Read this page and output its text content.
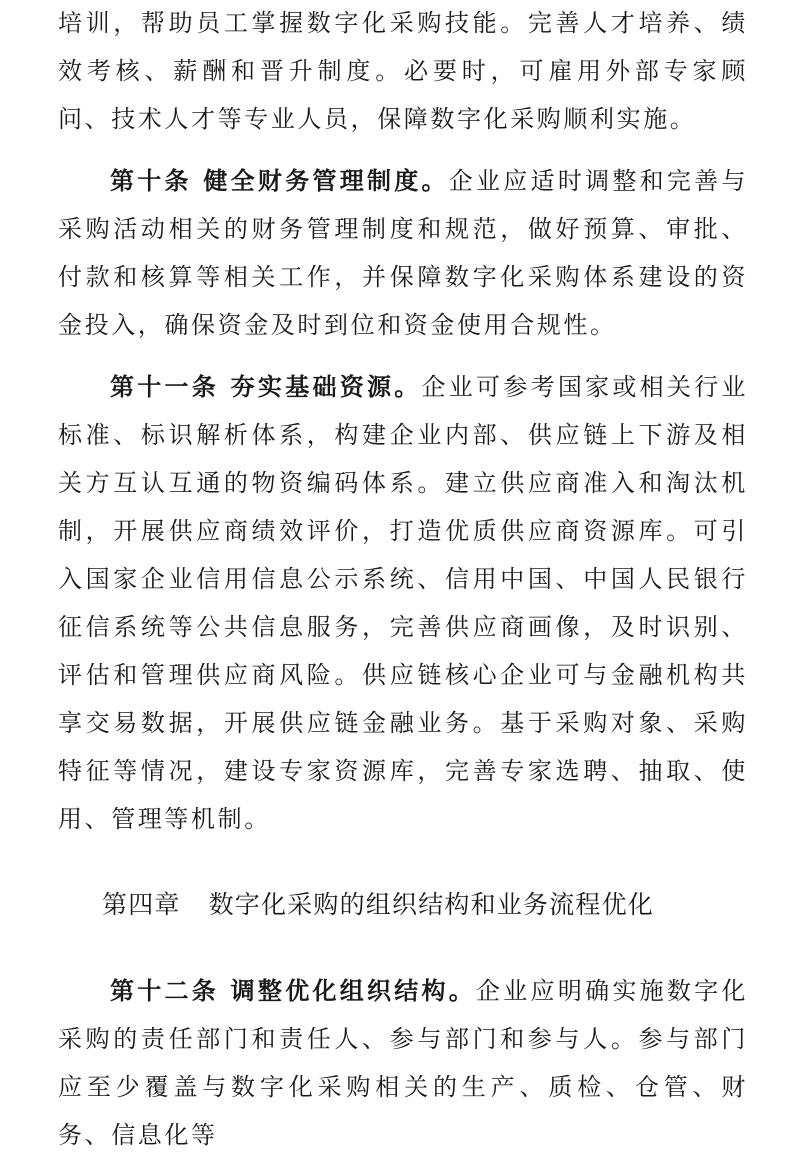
培训，帮助员工掌握数字化采购技能。完善人才培养、绩效考核、薪酬和晋升制度。必要时，可雇用外部专家顾问、技术人才等专业人员，保障数字化采购顺利实施。

第十条 健全财务管理制度。企业应适时调整和完善与采购活动相关的财务管理制度和规范，做好预算、审批、付款和核算等相关工作，并保障数字化采购体系建设的资金投入，确保资金及时到位和资金使用合规性。

第十一条 夯实基础资源。企业可参考国家或相关行业标准、标识解析体系，构建企业内部、供应链上下游及相关方互认互通的物资编码体系。建立供应商准入和淘汰机制，开展供应商绩效评价，打造优质供应商资源库。可引入国家企业信用信息公示系统、信用中国、中国人民银行征信系统等公共信息服务，完善供应商画像，及时识别、评估和管理供应商风险。供应链核心企业可与金融机构共享交易数据，开展供应链金融业务。基于采购对象、采购特征等情况，建设专家资源库，完善专家选聘、抽取、使用、管理等机制。

第四章 数字化采购的组织结构和业务流程优化

第十二条 调整优化组织结构。企业应明确实施数字化采购的责任部门和责任人、参与部门和参与人。参与部门应至少覆盖与数字化采购相关的生产、质检、仓管、财务、信息化等
